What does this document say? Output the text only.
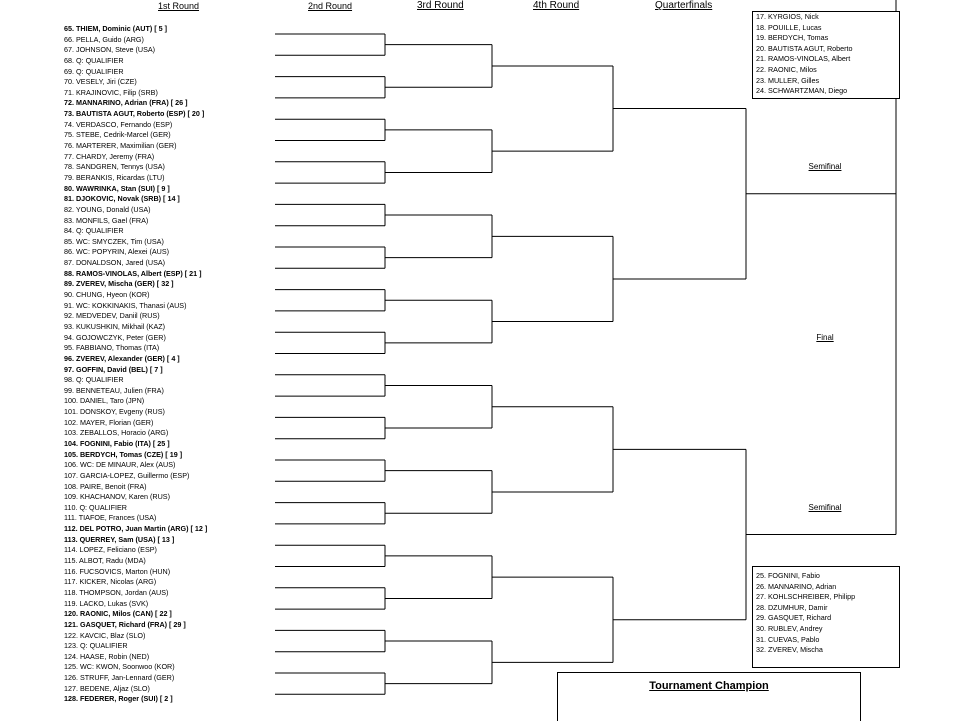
1st Round	2nd Round	3rd Round	4th Round	Quarterfinals
65. THIEM, Dominic (AUT) [ 5 ]
66. PELLA, Guido (ARG)
67. JOHNSON, Steve (USA)
68. Q: QUALIFIER
69. Q: QUALIFIER
70. VESELY, Jiri (CZE)
71. KRAJINOVIC, Filip (SRB)
72. MANNARINO, Adrian (FRA) [ 26 ]
73. BAUTISTA AGUT, Roberto (ESP) [ 20 ]
74. VERDASCO, Fernando (ESP)
75. STEBE, Cedrik-Marcel (GER)
76. MARTERER, Maximilian (GER)
77. CHARDY, Jeremy (FRA)
78. SANDGREN, Tennys (USA)
79. BERANKIS, Ricardas (LTU)
80. WAWRINKA, Stan (SUI) [ 9 ]
81. DJOKOVIC, Novak (SRB) [ 14 ]
82. YOUNG, Donald (USA)
83. MONFILS, Gael (FRA)
84. Q: QUALIFIER
85. WC: SMYCZEK, Tim (USA)
86. WC: POPYRIN, Alexei (AUS)
87. DONALDSON, Jared (USA)
88. RAMOS-VINOLAS, Albert (ESP) [ 21 ]
89. ZVEREV, Mischa (GER) [ 32 ]
90. CHUNG, Hyeon (KOR)
91. WC: KOKKINAKIS, Thanasi (AUS)
92. MEDVEDEV, Daniil (RUS)
93. KUKUSHKIN, Mikhail (KAZ)
94. GOJOWCZYK, Peter (GER)
95. FABBIANO, Thomas (ITA)
96. ZVEREV, Alexander (GER) [ 4 ]
97. GOFFIN, David (BEL) [ 7 ]
98. Q: QUALIFIER
99. BENNETEAU, Julien (FRA)
100. DANIEL, Taro (JPN)
101. DONSKOY, Evgeny (RUS)
102. MAYER, Florian (GER)
103. ZEBALLOS, Horacio (ARG)
104. FOGNINI, Fabio (ITA) [ 25 ]
105. BERDYCH, Tomas (CZE) [ 19 ]
106. WC: DE MINAUR, Alex (AUS)
107. GARCIA-LOPEZ, Guillermo (ESP)
108. PAIRE, Benoit (FRA)
109. KHACHANOV, Karen (RUS)
110. Q: QUALIFIER
111. TIAFOE, Frances (USA)
112. DEL POTRO, Juan Martin (ARG) [ 12 ]
113. QUERREY, Sam (USA) [ 13 ]
114. LOPEZ, Feliciano (ESP)
115. ALBOT, Radu (MDA)
116. FUCSOVICS, Marton (HUN)
117. KICKER, Nicolas (ARG)
118. THOMPSON, Jordan (AUS)
119. LACKO, Lukas (SVK)
120. RAONIC, Milos (CAN) [ 22 ]
121. GASQUET, Richard (FRA) [ 29 ]
122. KAVCIC, Blaz (SLO)
123. Q: QUALIFIER
124. HAASE, Robin (NED)
125. WC: KWON, Soonwoo (KOR)
126. STRUFF, Jan-Lennard (GER)
127. BEDENE, Aljaz (SLO)
128. FEDERER, Roger (SUI) [ 2 ]
17. KYRGIOS, Nick
18. POUILLE, Lucas
19. BERDYCH, Tomas
20. BAUTISTA AGUT, Roberto
21. RAMOS-VINOLAS, Albert
22. RAONIC, Milos
23. MULLER, Gilles
24. SCHWARTZMAN, Diego
25. FOGNINI, Fabio
26. MANNARINO, Adrian
27. KOHLSCHREIBER, Philipp
28. DZUMHUR, Damir
29. GASQUET, Richard
30. RUBLEV, Andrey
31. CUEVAS, Pablo
32. ZVEREV, Mischa
Semifinal
Final
Semifinal
Tournament Champion
